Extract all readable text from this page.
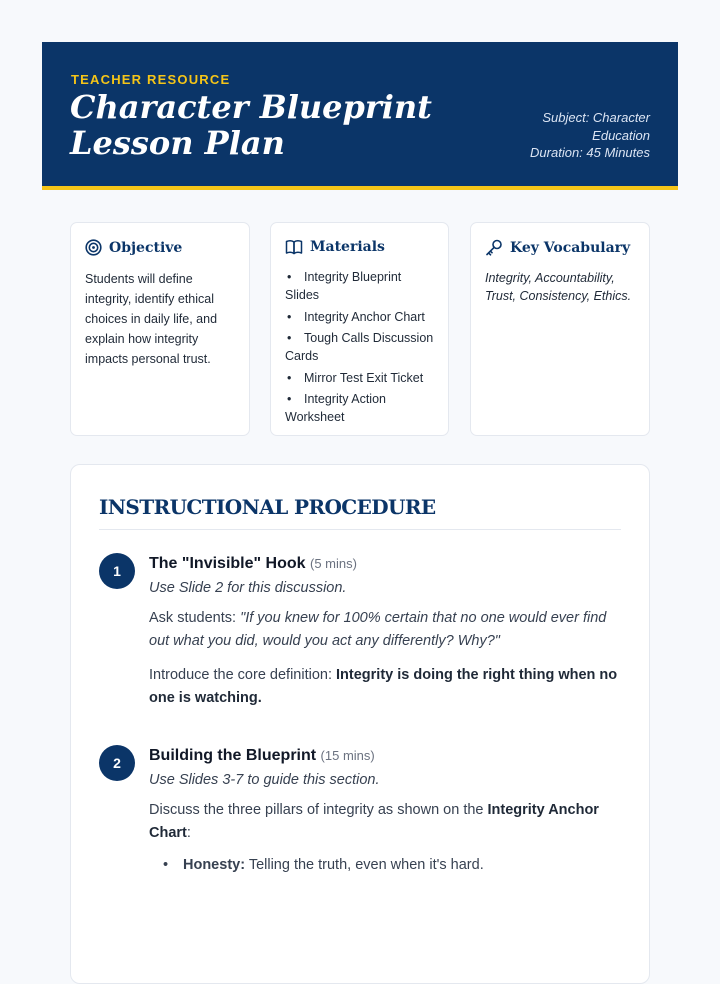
TEACHER RESOURCE
Character Blueprint Lesson Plan
Subject: Character Education
Duration: 45 Minutes
Objective
Students will define integrity, identify ethical choices in daily life, and explain how integrity impacts personal trust.
Materials
• Integrity Blueprint Slides
• Integrity Anchor Chart
• Tough Calls Discussion Cards
• Mirror Test Exit Ticket
• Integrity Action Worksheet
Key Vocabulary
Integrity, Accountability, Trust, Consistency, Ethics.
INSTRUCTIONAL PROCEDURE
1	The "Invisible" Hook (5 mins)
Use Slide 2 for this discussion.
Ask students: "If you knew for 100% certain that no one would ever find out what you did, would you act any differently? Why?"
Introduce the core definition: Integrity is doing the right thing when no one is watching.
2	Building the Blueprint (15 mins)
Use Slides 3-7 to guide this section.
Discuss the three pillars of integrity as shown on the Integrity Anchor Chart:
• Honesty: Telling the truth, even when it's hard.
